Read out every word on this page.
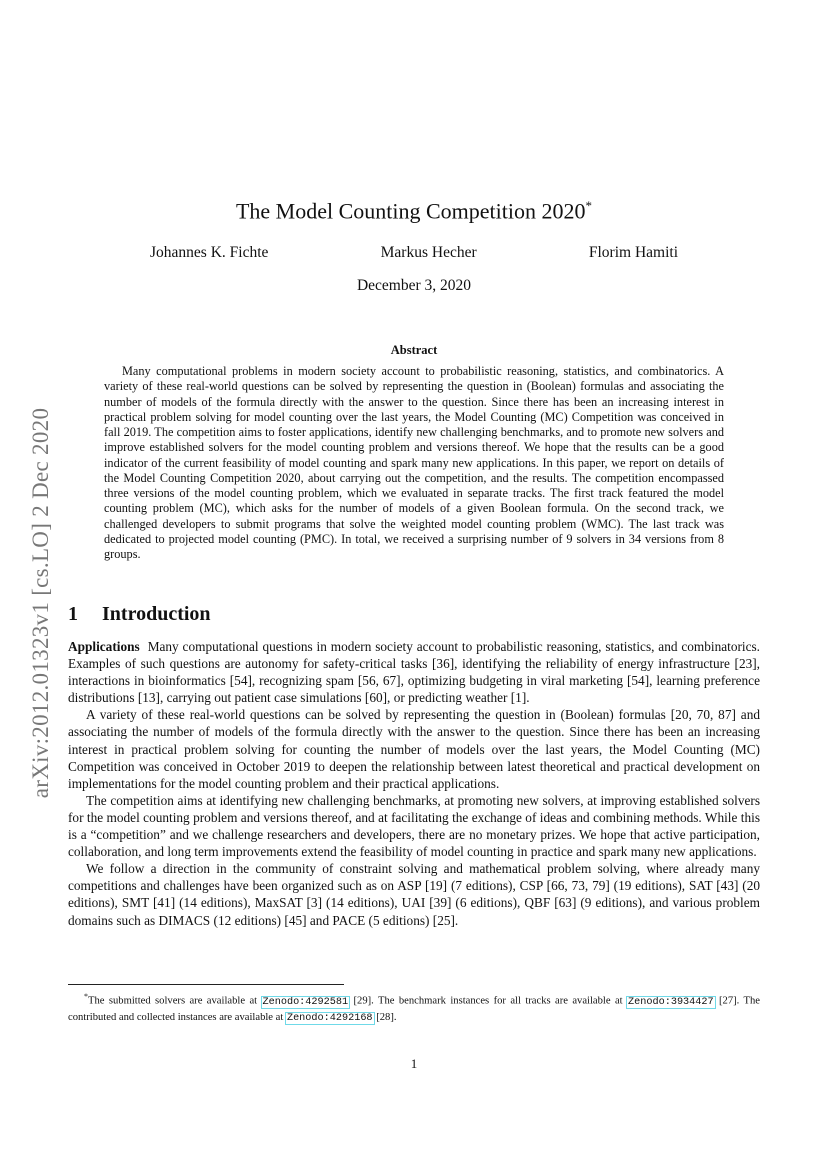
arXiv:2012.01323v1 [cs.LO] 2 Dec 2020
The Model Counting Competition 2020*
Johannes K. Fichte	Markus Hecher	Florim Hamiti
December 3, 2020
Abstract

Many computational problems in modern society account to probabilistic reasoning, statistics, and combinatorics. A variety of these real-world questions can be solved by representing the question in (Boolean) formulas and associating the number of models of the formula directly with the answer to the question. Since there has been an increasing interest in practical problem solving for model counting over the last years, the Model Counting (MC) Competition was conceived in fall 2019. The competition aims to foster applications, identify new challenging benchmarks, and to promote new solvers and improve established solvers for the model counting problem and versions thereof. We hope that the results can be a good indicator of the current feasibility of model counting and spark many new applications. In this paper, we report on details of the Model Counting Competition 2020, about carrying out the competition, and the results. The competition encompassed three versions of the model counting problem, which we evaluated in separate tracks. The first track featured the model counting problem (MC), which asks for the number of models of a given Boolean formula. On the second track, we challenged developers to submit programs that solve the weighted model counting problem (WMC). The last track was dedicated to projected model counting (PMC). In total, we received a surprising number of 9 solvers in 34 versions from 8 groups.

1 Introduction

Applications Many computational questions in modern society account to probabilistic reasoning, statistics, and combinatorics. Examples of such questions are autonomy for safety-critical tasks [36], identifying the reliability of energy infrastructure [23], interactions in bioinformatics [54], recognizing spam [56, 67], optimizing budgeting in viral marketing [54], learning preference distributions [13], carrying out patient case simulations [60], or predicting weather [1].

A variety of these real-world questions can be solved by representing the question in (Boolean) formulas [20, 70, 87] and associating the number of models of the formula directly with the answer to the question. Since there has been an increasing interest in practical problem solving for counting the number of models over the last years, the Model Counting (MC) Competition was conceived in October 2019 to deepen the relationship between latest theoretical and practical development on implementations for the model counting problem and their practical applications.

The competition aims at identifying new challenging benchmarks, at promoting new solvers, at improving established solvers for the model counting problem and versions thereof, and at facilitating the exchange of ideas and combining methods. While this is a “competition” and we challenge researchers and developers, there are no monetary prizes. We hope that active participation, collaboration, and long term improvements extend the feasibility of model counting in practice and spark many new applications.

We follow a direction in the community of constraint solving and mathematical problem solving, where already many competitions and challenges have been organized such as on ASP [19] (7 editions), CSP [66, 73, 79] (19 editions), SAT [43] (20 editions), SMT [41] (14 editions), MaxSAT [3] (14 editions), UAI [39] (6 editions), QBF [63] (9 editions), and various problem domains such as DIMACS (12 editions) [45] and PACE (5 editions) [25].

*The submitted solvers are available at Zenodo:4292581 [29]. The benchmark instances for all tracks are available at Zenodo:3934427 [27]. The contributed and collected instances are available at Zenodo:4292168 [28].
1
